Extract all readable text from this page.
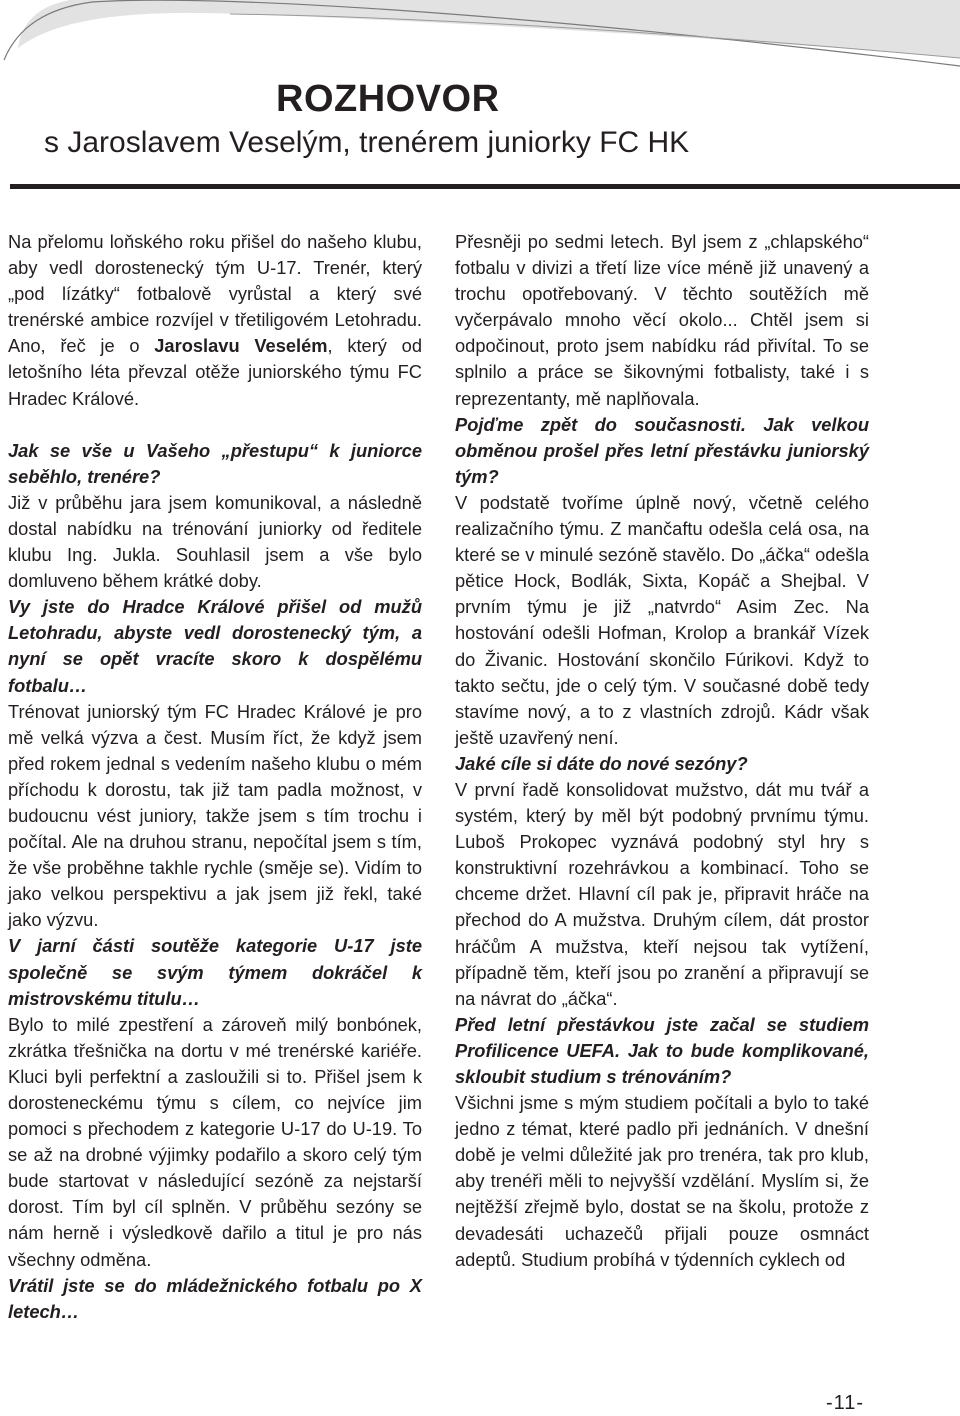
ROZHOVOR
s Jaroslavem Veselým, trenérem juniorky FC HK

Na přelomu loňského roku přišel do našeho klubu, aby vedl dorostenecký tým U-17. Trenér, který „pod lízátky“ fotbalově vyrůstal a který své trenérské ambice rozvíjel v třetiligovém Letohradu. Ano, řeč je o Jaroslavu Veselém, který od letošního léta převzal otěže juniorského týmu FC Hradec Králové.

Jak se vše u Vašeho „přestupu“ k juniorce seběhlo, trenére?

Již v průběhu jara jsem komunikoval, a následně dostal nabídku na trénování juniorky od ředitele klubu Ing. Jukla. Souhlasil jsem a vše bylo domluveno během krátké doby.

Vy jste do Hradce Králové přišel od mužů Letohradu, abyste vedl dorostenecký tým, a nyní se opět vracíte skoro k dospělému fotbalu…

Trénovat juniorský tým FC Hradec Králové je pro mě velká výzva a čest. Musím říct, že když jsem před rokem jednal s vedením našeho klubu o mém příchodu k dorostu, tak již tam padla možnost, v budoucnu vést juniory, takže jsem s tím trochu i počítal. Ale na druhou stranu, nepočítal jsem s tím, že vše proběhne takhle rychle (směje se). Vidím to jako velkou perspektivu a jak jsem již řekl, také jako výzvu.

V jarní části soutěže kategorie U-17 jste společně se svým týmem dokráčel k mistrovskému titulu…

Bylo to milé zpestření a zároveň milý bonbónek, zkrátka třešnička na dortu v mé trenérské kariéře. Kluci byli perfektní a zasloužili si to. Přišel jsem k dorosteneckému týmu s cílem, co nejvíce jim pomoci s přechodem z kategorie U-17 do U-19. To se až na drobné výjimky podařilo a skoro celý tým bude startovat v následující sezóně za nejstarší dorost. Tím byl cíl splněn. V průběhu sezóny se nám herně i výsledkově dařilo a titul je pro nás všechny odměna.

Vrátil jste se do mládežnického fotbalu po X letech…

Přesněji po sedmi letech. Byl jsem z „chlapského“ fotbalu v divizi a třetí lize více méně již unavený a trochu opotřebovaný. V těchto soutěžích mě vyčerpávalo mnoho věcí okolo... Chtěl jsem si odpočinout, proto jsem nabídku rád přivítal. To se splnilo a práce se šikovnými fotbalisty, také i s reprezentanty, mě naplňovala.

Pojďme zpět do současnosti. Jak velkou obměnou prošel přes letní přestávku juniorský tým?

V podstatě tvoříme úplně nový, včetně celého realizačního týmu. Z mančaftu odešla celá osa, na které se v minulé sezóně stavělo. Do „áčka“ odešla pětice Hock, Bodlák, Sixta, Kopáč a Shejbal. V prvním týmu je již „natvrdo“ Asim Zec. Na hostování odešli Hofman, Krolop a brankář Vízek do Živanic. Hostování skončilo Fúrikovi. Když to takto sečtu, jde o celý tým. V současné době tedy stavíme nový, a to z vlastních zdrojů. Kádr však ještě uzavřený není.

Jaké cíle si dáte do nové sezóny?

V první řadě konsolidovat mužstvo, dát mu tvář a systém, který by měl být podobný prvnímu týmu. Luboš Prokopec vyznává podobný styl hry s konstruktivní rozehrávkou a kombinací. Toho se chceme držet. Hlavní cíl pak je, připravit hráče na přechod do A mužstva. Druhým cílem, dát prostor hráčům A mužstva, kteří nejsou tak vytížení, případně těm, kteří jsou po zranění a připravují se na návrat do „áčka“.

Před letní přestávkou jste začal se studiem Profilicence UEFA. Jak to bude komplikované, skloubit studium s trénováním?

Všichni jsme s mým studiem počítali a bylo to také jedno z témat, které padlo při jednáních. V dnešní době je velmi důležité jak pro trenéra, tak pro klub, aby trenéři měli to nejvyšší vzdělání. Myslím si, že nejtěžší zřejmě bylo, dostat se na školu, protože z devadesáti uchazečů přijali pouze osmnáct adeptů. Studium probíhá v týdenních cyklech od

-11-
